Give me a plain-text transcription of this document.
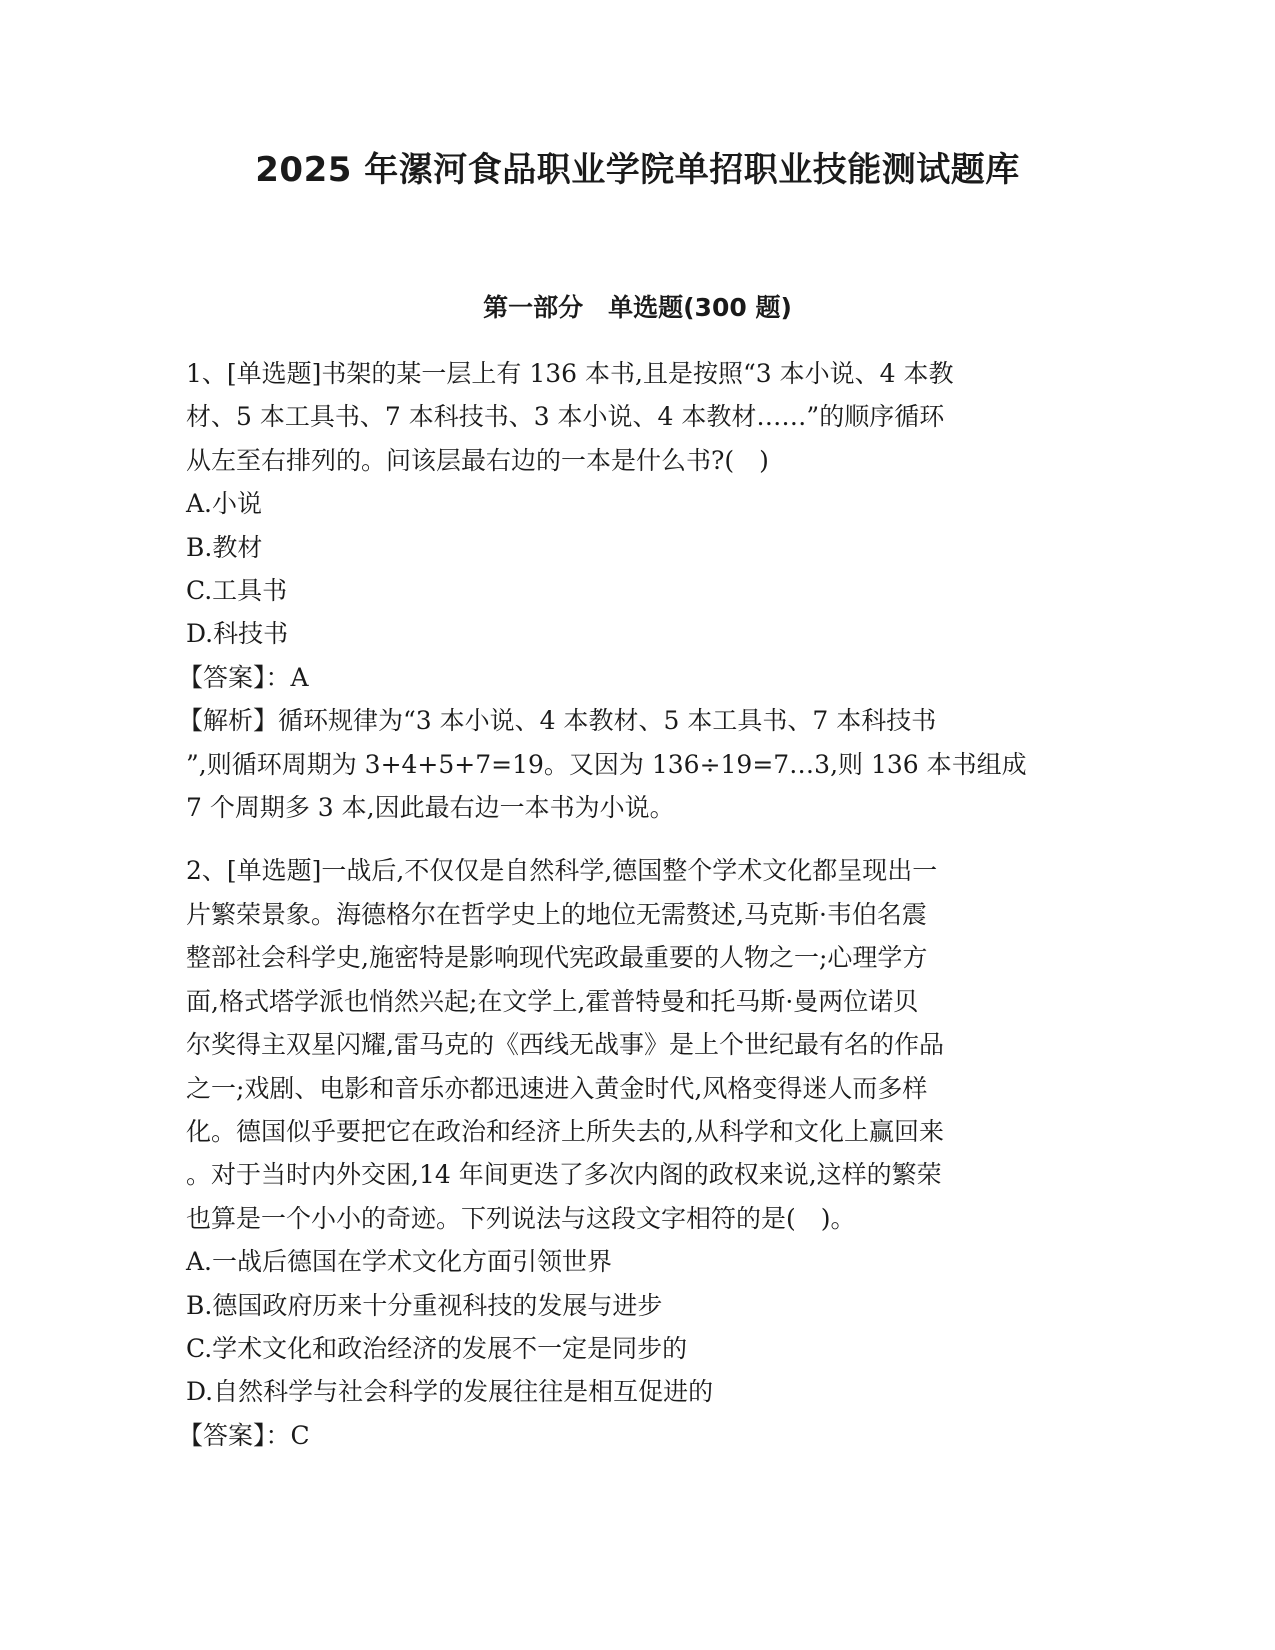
2025 年漯河食品职业学院单招职业技能测试题库
第一部分　单选题(300 题)
1、[单选题]书架的某一层上有 136 本书,且是按照“3 本小说、4 本教
材、5 本工具书、7 本科技书、3 本小说、4 本教材……”的顺序循环
从左至右排列的。问该层最右边的一本是什么书?(　)
A.小说
B.教材
C.工具书
D.科技书
【答案】：A
【解析】循环规律为“3 本小说、4 本教材、5 本工具书、7 本科技书
”,则循环周期为 3+4+5+7=19。又因为 136÷19=7…3,则 136 本书组成
7 个周期多 3 本,因此最右边一本书为小说。
2、[单选题]一战后,不仅仅是自然科学,德国整个学术文化都呈现出一
片繁荣景象。海德格尔在哲学史上的地位无需赘述,马克斯·韦伯名震
整部社会科学史,施密特是影响现代宪政最重要的人物之一;心理学方
面,格式塔学派也悄然兴起;在文学上,霍普特曼和托马斯·曼两位诺贝
尔奖得主双星闪耀,雷马克的《西线无战事》是上个世纪最有名的作品
之一;戏剧、电影和音乐亦都迅速进入黄金时代,风格变得迷人而多样
化。德国似乎要把它在政治和经济上所失去的,从科学和文化上赢回来
。对于当时内外交困,14 年间更迭了多次内阁的政权来说,这样的繁荣
也算是一个小小的奇迹。下列说法与这段文字相符的是(　)。
A.一战后德国在学术文化方面引领世界
B.德国政府历来十分重视科技的发展与进步
C.学术文化和政治经济的发展不一定是同步的
D.自然科学与社会科学的发展往往是相互促进的
【答案】：C
